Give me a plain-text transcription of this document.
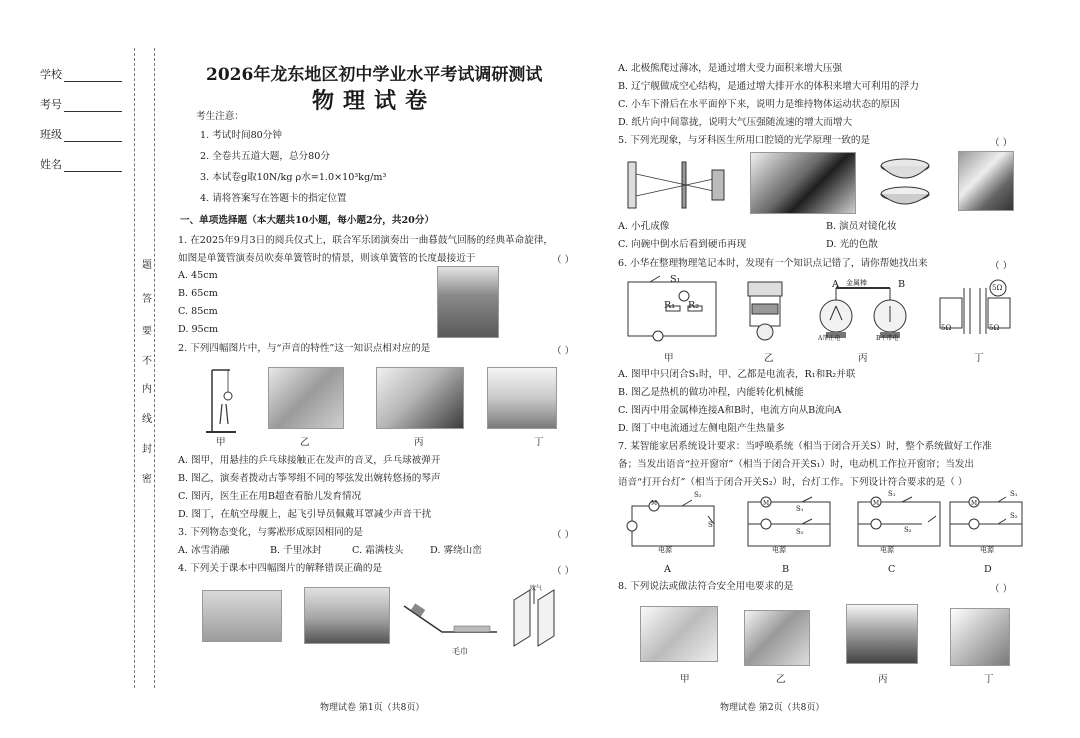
学校
考号
班级
姓名
题
答
要
不
内
线
封
密
2026年龙东地区初中学业水平考试调研测试
物理试卷
考生注意：
1. 考试时间80分钟
2. 全卷共五道大题，总分80分
3. 本试卷g取10N/kg ρ水=1.0×10³kg/m³
4. 请将答案写在答题卡的指定位置
一、单项选择题（本大题共10小题，每小题2分，共20分）
1. 在2025年9月3日的阅兵仪式上，联合军乐团演奏出一曲暮鼓气回肠的经典革命旋律，
如图是单簧管演奏员吹奏单簧管时的情景，则该单簧管的长度最接近于	（ ）
A. 45cm
B. 65cm
C. 85cm
D. 95cm
2. 下列四幅图片中，与“声音的特性”这一知识点相对应的是	（ ）
甲	乙	丙	丁
A. 图甲，用悬挂的乒乓球接触正在发声的音叉，乒乓球被弹开
B. 图乙，演奏者拨动古筝琴组不同的琴弦发出婉转悠扬的琴声
C. 图丙，医生正在用B超查看胎儿发育情况
D. 图丁，在航空母舰上，起飞引导员佩戴耳罩减少声音干扰
3. 下列物态变化，与雾凇形成原因相同的是	（ ）
A. 冰雪消融	B. 千里冰封	C. 霜满枝头	D. 雾绕山峦
4. 下列关于课本中四幅图片的解释错误正确的是	（ ）
毛巾
吹气
物理试卷 第1页（共8页）
A. 北极熊爬过薄冰，是通过增大受力面积来增大压强
B. 辽宁舰做成空心结构，是通过增大排开水的体积来增大可利用的浮力
C. 小车下滑后在水平面停下来，说明力是维持物体运动状态的原因
D. 纸片向中间靠拢，说明大气压强随流速的增大而增大
5. 下列光现象，与牙科医生所用口腔镜的光学原理一致的是	（ ）
A. 小孔成像	B. 演员对镜化妆
C. 向碗中倒水后看到硬币再现	D. 光的色散
6. 小华在整理物理笔记本时，发现有一个知识点记错了，请你帮她找出来	（ ）
S₁
R₁ R₂
A	B
金属棒
A带正电	B不带电
5Ω	5Ω
5Ω
甲	乙	丙	丁
A. 图甲中只闭合S₁时，甲、乙都是电流表，R₁和R₂并联
B. 图乙是热机的做功冲程，内能转化机械能
C. 图丙中用金属棒连接A和B时，电流方向从B流向A
D. 图丁中电流通过左侧电阻产生热量多
7. 某智能家居系统设计要求：当呼唤系统（相当于闭合开关S）时，整个系统做好工作准
备；当发出语音“拉开窗帘”（相当于闭合开关S₁）时，电动机工作拉开窗帘；当发出
语音“打开台灯”（相当于闭合开关S₂）时，台灯工作。下列设计符合要求的是（ ）
M
S₂
S
电源
M
S₁
S₂
电源
M
S₁
S₂
电源
M
S₁
S₂
电源
A	B	C	D
8. 下列说法或做法符合安全用电要求的是	（ ）
甲	乙	丙	丁
物理试卷 第2页（共8页）
